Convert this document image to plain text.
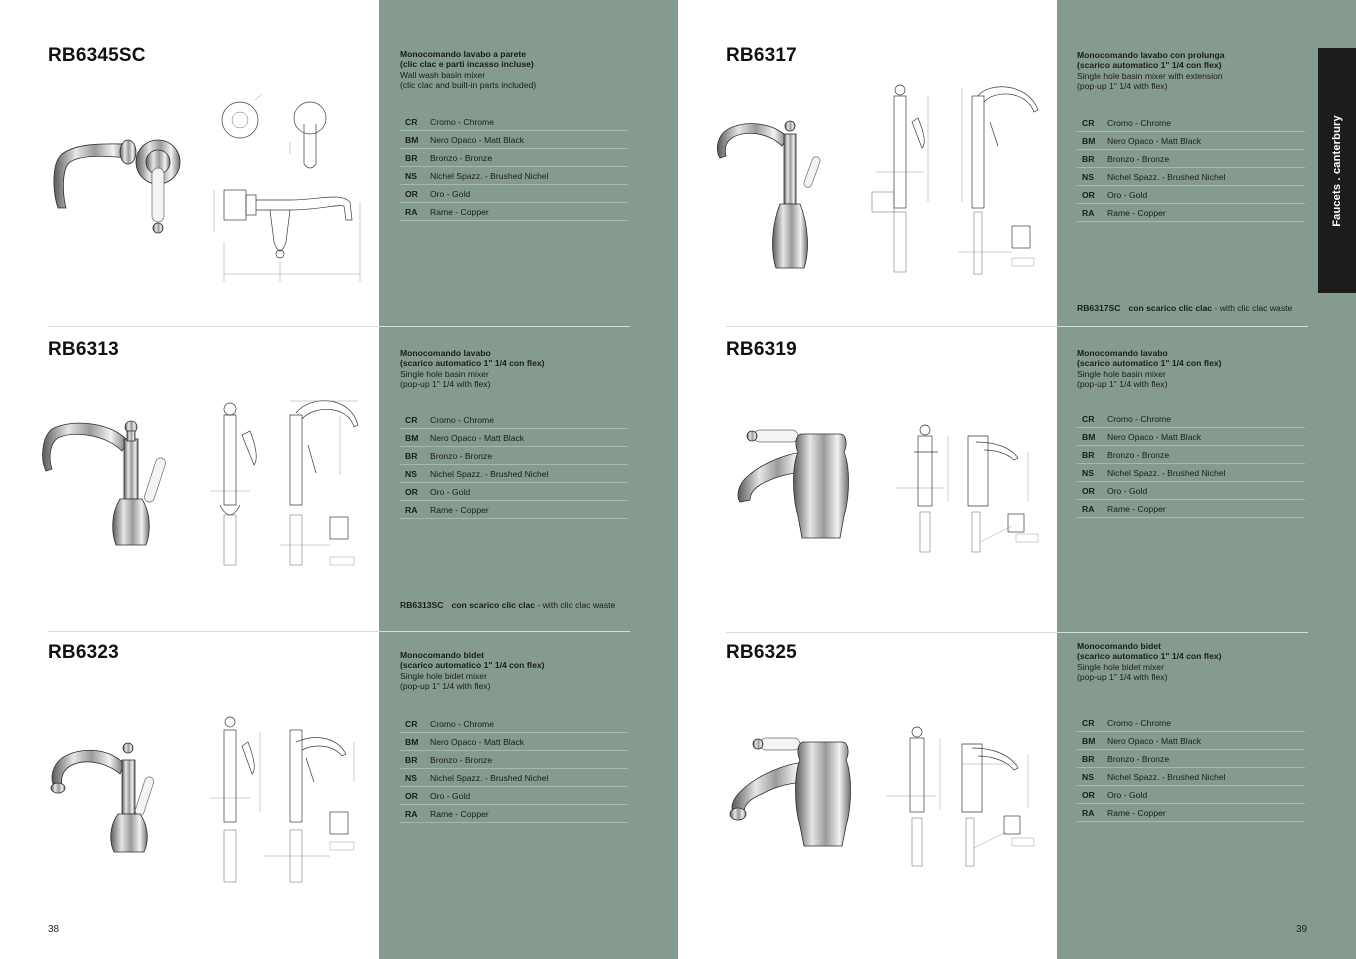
Faucets . canterbury
RB6345SC	Monocomando lavabo a parete
(clic clac e parti incasso incluse)
Wall wash basin mixer
(clic clac and built-in parts included)
CR	Cromo - Chrome
BM	Nero Opaco - Matt Black
BR	Bronzo - Bronze
NS	Nichel Spazz. - Brushed Nichel
OR	Oro - Gold
RA	Rame - Copper
RB6313	Monocomando lavabo
(scarico automatico 1" 1/4 con flex)
Single hole basin mixer
(pop-up 1" 1/4 with flex)
CR	Cromo - Chrome
BM	Nero Opaco - Matt Black
BR	Bronzo - Bronze
NS	Nichel Spazz. - Brushed Nichel
OR	Oro - Gold
RA	Rame - Copper
RB6313SC con scarico clic clac - with clic clac waste
RB6323	Monocomando bidet
(scarico automatico 1" 1/4 con flex)
Single hole bidet mixer
(pop-up 1" 1/4 with flex)
CR	Cromo - Chrome
BM	Nero Opaco - Matt Black
BR	Bronzo - Bronze
NS	Nichel Spazz. - Brushed Nichel
OR	Oro - Gold
RA	Rame - Copper
RB6317	Monocomando lavabo con prolunga
(scarico automatico 1" 1/4 con flex)
Single hole basin mixer with extension
(pop-up 1" 1/4 with flex)
CR	Cromo - Chrome
BM	Nero Opaco - Matt Black
BR	Bronzo - Bronze
NS	Nichel Spazz. - Brushed Nichel
OR	Oro - Gold
RA	Rame - Copper
RB6317SC con scarico clic clac - with clic clac waste
RB6319	Monocomando lavabo
(scarico automatico 1" 1/4 con flex)
Single hole basin mixer
(pop-up 1" 1/4 with flex)
CR	Cromo - Chrome
BM	Nero Opaco - Matt Black
BR	Bronzo - Bronze
NS	Nichel Spazz. - Brushed Nichel
OR	Oro - Gold
RA	Rame - Copper
RB6325	Monocomando bidet
(scarico automatico 1" 1/4 con flex)
Single hole bidet mixer
(pop-up 1" 1/4 with flex)
CR	Cromo - Chrome
BM	Nero Opaco - Matt Black
BR	Bronzo - Bronze
NS	Nichel Spazz. - Brushed Nichel
OR	Oro - Gold
RA	Rame - Copper
38	39
